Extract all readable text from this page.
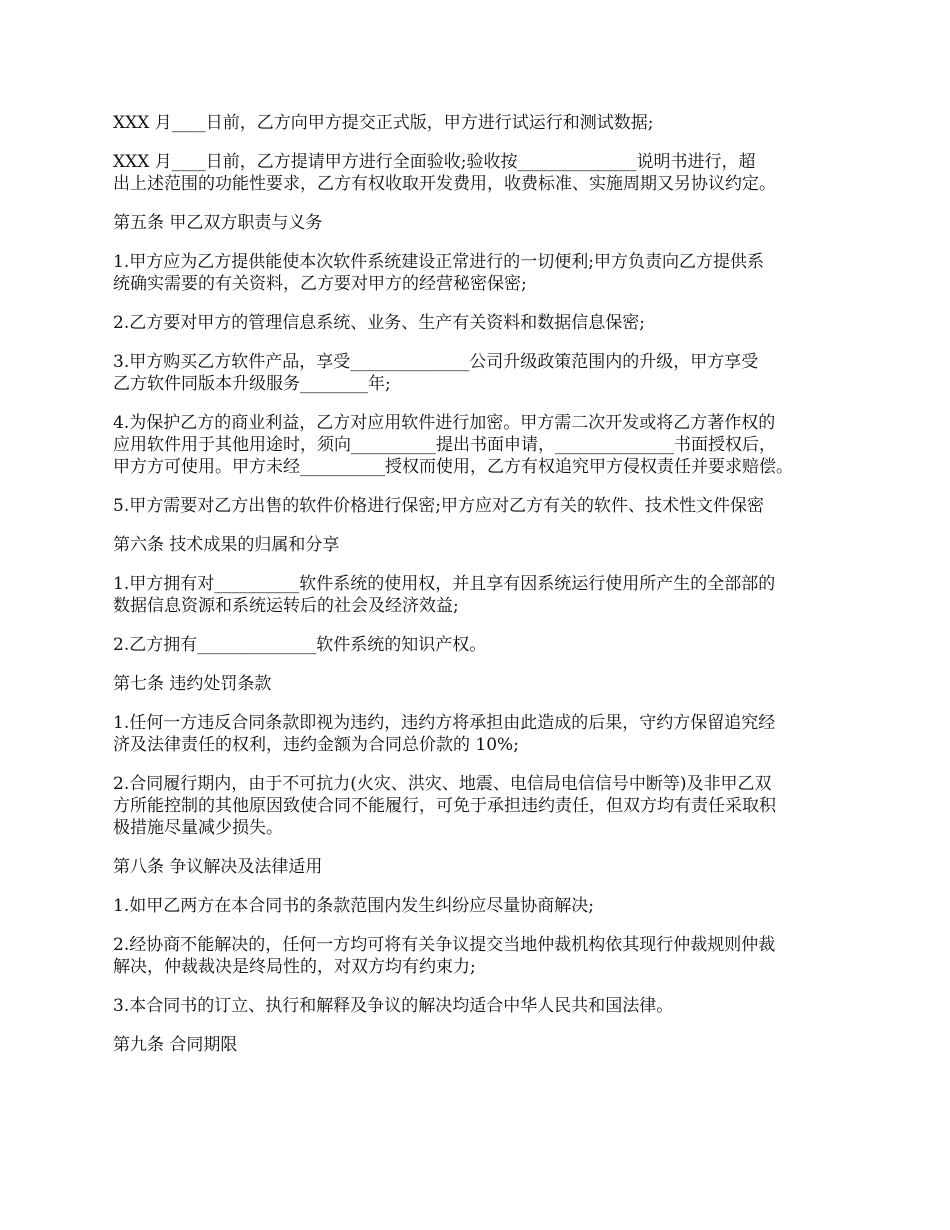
XXX 月____日前，乙方向甲方提交正式版，甲方进行试运行和测试数据;
XXX 月____日前，乙方提请甲方进行全面验收;验收按______________说明书进行，超
出上述范围的功能性要求，乙方有权收取开发费用，收费标准、实施周期又另协议约定。
第五条 甲乙双方职责与义务
1.甲方应为乙方提供能使本次软件系统建设正常进行的一切便利;甲方负责向乙方提供系
统确实需要的有关资料，乙方要对甲方的经营秘密保密;
2.乙方要对甲方的管理信息系统、业务、生产有关资料和数据信息保密;
3.甲方购买乙方软件产品，享受______________公司升级政策范围内的升级，甲方享受
乙方软件同版本升级服务________年;
4.为保护乙方的商业利益，乙方对应用软件进行加密。甲方需二次开发或将乙方著作权的
应用软件用于其他用途时，须向__________提出书面申请，______________书面授权后，
甲方方可使用。甲方未经__________授权而使用，乙方有权追究甲方侵权责任并要求赔偿。
5.甲方需要对乙方出售的软件价格进行保密;甲方应对乙方有关的软件、技术性文件保密
第六条 技术成果的归属和分享
1.甲方拥有对__________软件系统的使用权，并且享有因系统运行使用所产生的全部部的
数据信息资源和系统运转后的社会及经济效益;
2.乙方拥有______________软件系统的知识产权。
第七条 违约处罚条款
1.任何一方违反合同条款即视为违约，违约方将承担由此造成的后果，守约方保留追究经
济及法律责任的权利，违约金额为合同总价款的 10%;
2.合同履行期内，由于不可抗力(火灾、洪灾、地震、电信局电信信号中断等)及非甲乙双
方所能控制的其他原因致使合同不能履行，可免于承担违约责任，但双方均有责任采取积
极措施尽量减少损失。
第八条 争议解决及法律适用
1.如甲乙两方在本合同书的条款范围内发生纠纷应尽量协商解决;
2.经协商不能解决的，任何一方均可将有关争议提交当地仲裁机构依其现行仲裁规则仲裁
解决，仲裁裁决是终局性的，对双方均有约束力;
3.本合同书的订立、执行和解释及争议的解决均适合中华人民共和国法律。
第九条 合同期限
